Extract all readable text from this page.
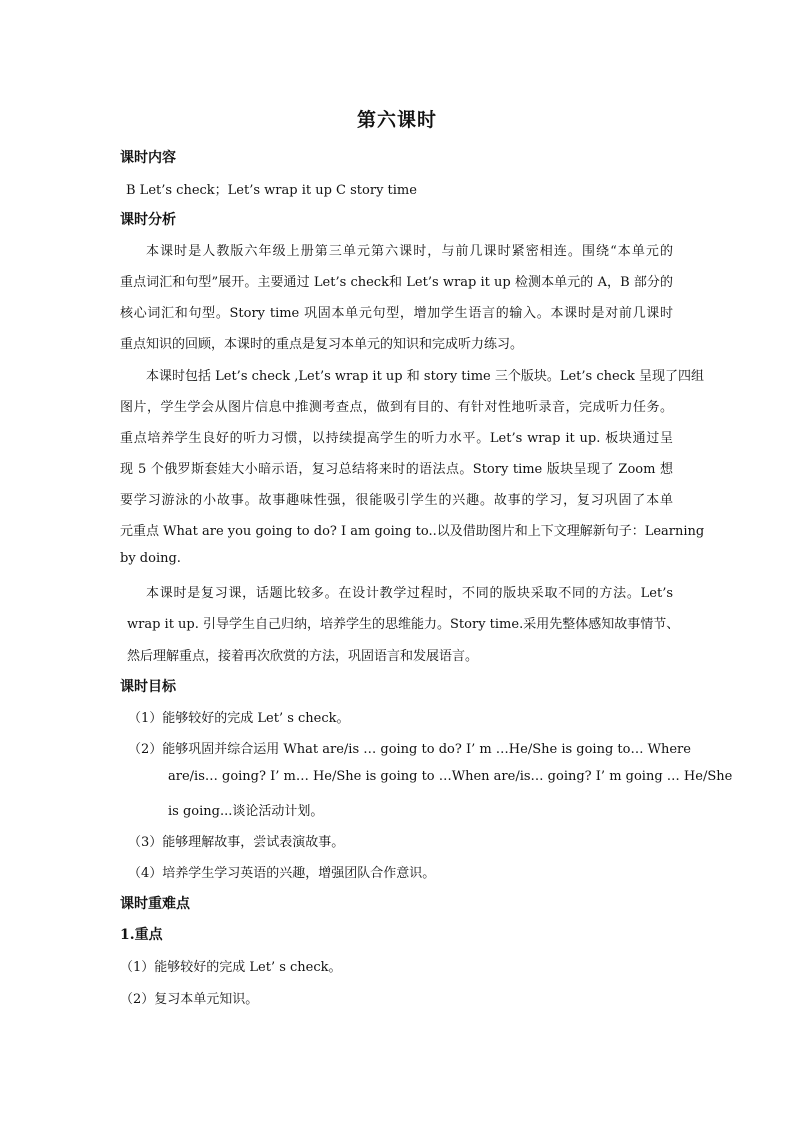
第六课时
课时内容
B Let’s check；Let’s wrap it up C story time
课时分析
本课时是人教版六年级上册第三单元第六课时，与前几课时紧密相连。围绕“本单元的
重点词汇和句型”展开。主要通过 Let’s check和 Let’s wrap it up 检测本单元的 A，B 部分的
核心词汇和句型。Story time 巩固本单元句型，增加学生语言的输入。本课时是对前几课时
重点知识的回顾，本课时的重点是复习本单元的知识和完成听力练习。
本课时包括 Let’s check ,Let’s wrap it up 和 story time 三个版块。Let’s check 呈现了四组
图片，学生学会从图片信息中推测考查点，做到有目的、有针对性地听录音，完成听力任务。
重点培养学生良好的听力习惯，以持续提高学生的听力水平。Let’s wrap it up. 板块通过呈
现 5 个俄罗斯套娃大小暗示语，复习总结将来时的语法点。Story time 版块呈现了 Zoom 想
要学习游泳的小故事。故事趣味性强，很能吸引学生的兴趣。故事的学习，复习巩固了本单
元重点 What are you going to do? I am going to..以及借助图片和上下文理解新句子：Learning
by doing.
本课时是复习课，话题比较多。在设计教学过程时，不同的版块采取不同的方法。Let’s
wrap it up. 引导学生自己归纳，培养学生的思维能力。Story time.采用先整体感知故事情节、
然后理解重点，接着再次欣赏的方法，巩固语言和发展语言。
课时目标
（1）能够较好的完成 Let’ s check。
（2）能够巩固并综合运用 What are/is … going to do? I’ m …He/She is going to… Where
are/is… going? I’ m… He/She is going to …When are/is… going? I’ m going … He/She
is going...谈论活动计划。
（3）能够理解故事，尝试表演故事。
（4）培养学生学习英语的兴趣，增强团队合作意识。
课时重难点
1.重点
（1）能够较好的完成 Let’ s check。
（2）复习本单元知识。
